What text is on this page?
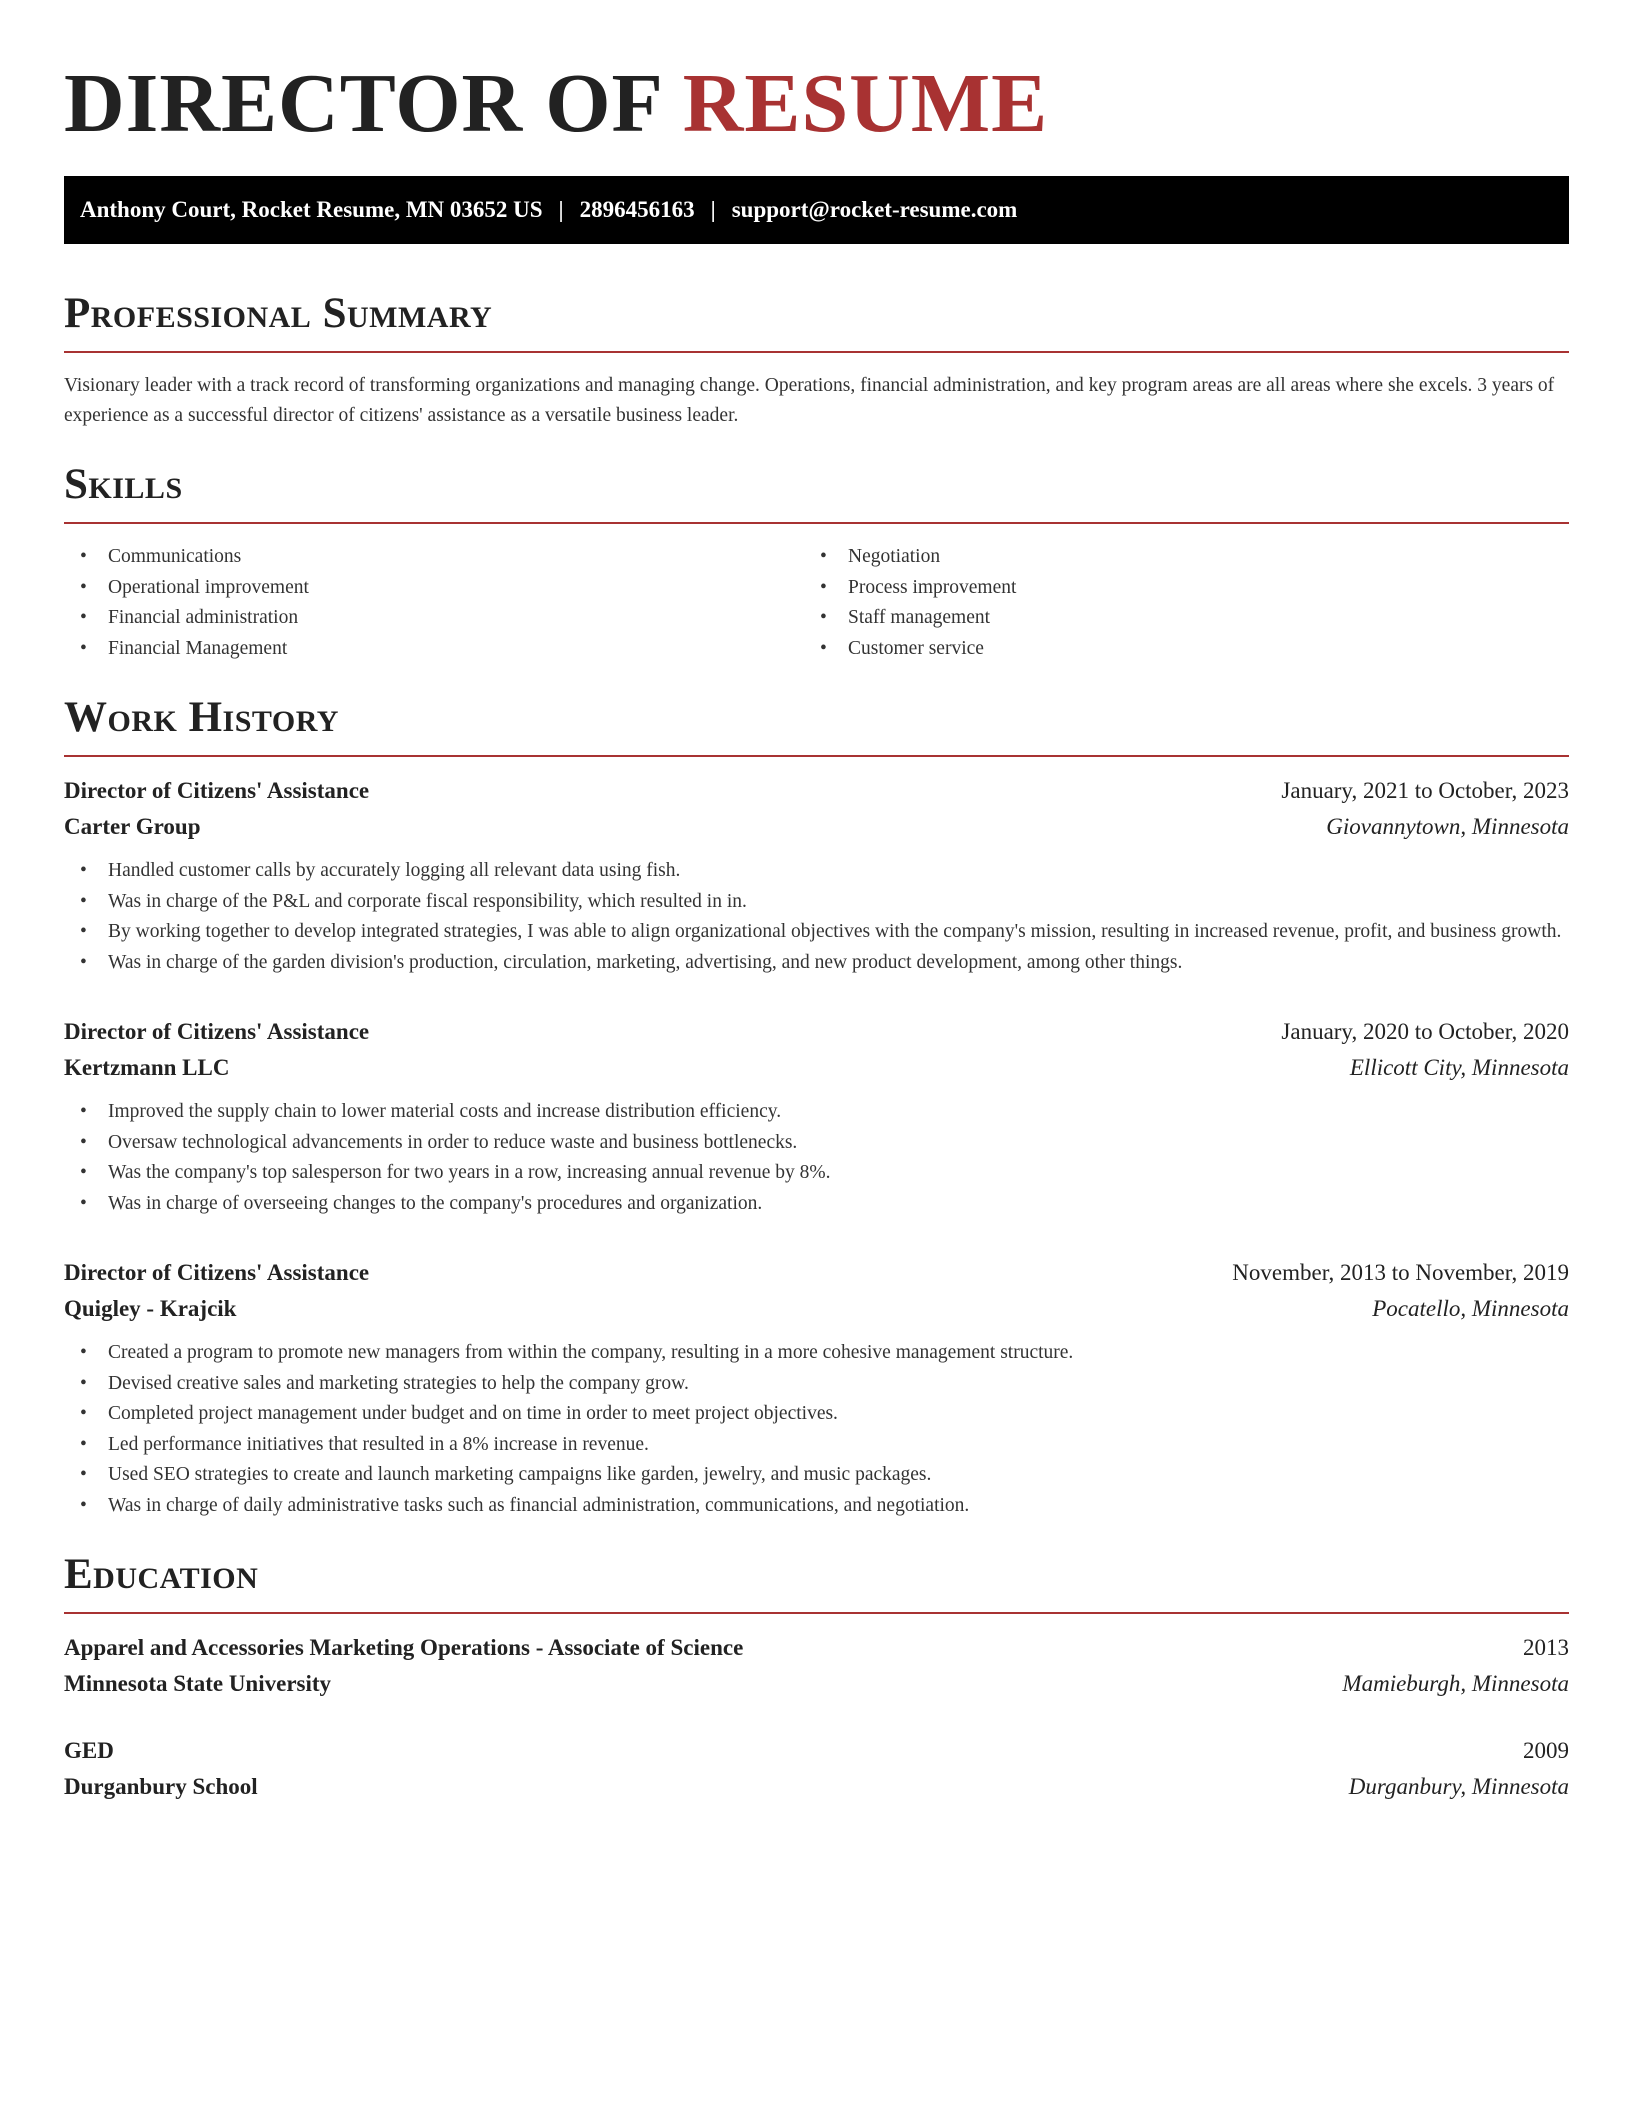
DIRECTOR OF RESUME
Anthony Court, Rocket Resume, MN 03652 US | 2896456163 | support@rocket-resume.com
Professional Summary

Visionary leader with a track record of transforming organizations and managing change. Operations, financial administration, and key program areas are all areas where she excels. 3 years of experience as a successful director of citizens' assistance as a versatile business leader.

Skills
• Communications
• Operational improvement
• Financial administration
• Financial Management
• Negotiation
• Process improvement
• Staff management
• Customer service
Work History
Director of Citizens' Assistance	January, 2021 to October, 2023
Carter Group	Giovannytown, Minnesota
• Handled customer calls by accurately logging all relevant data using fish.
• Was in charge of the P&L and corporate fiscal responsibility, which resulted in in.
• By working together to develop integrated strategies, I was able to align organizational objectives with the company's mission, resulting in increased revenue, profit, and business growth.
• Was in charge of the garden division's production, circulation, marketing, advertising, and new product development, among other things.
Director of Citizens' Assistance	January, 2020 to October, 2020
Kertzmann LLC	Ellicott City, Minnesota
• Improved the supply chain to lower material costs and increase distribution efficiency.
• Oversaw technological advancements in order to reduce waste and business bottlenecks.
• Was the company's top salesperson for two years in a row, increasing annual revenue by 8%.
• Was in charge of overseeing changes to the company's procedures and organization.
Director of Citizens' Assistance	November, 2013 to November, 2019
Quigley - Krajcik	Pocatello, Minnesota
• Created a program to promote new managers from within the company, resulting in a more cohesive management structure.
• Devised creative sales and marketing strategies to help the company grow.
• Completed project management under budget and on time in order to meet project objectives.
• Led performance initiatives that resulted in a 8% increase in revenue.
• Used SEO strategies to create and launch marketing campaigns like garden, jewelry, and music packages.
• Was in charge of daily administrative tasks such as financial administration, communications, and negotiation.
Education
Apparel and Accessories Marketing Operations - Associate of Science	2013
Minnesota State University	Mamieburgh, Minnesota
GED	2009
Durganbury School	Durganbury, Minnesota
